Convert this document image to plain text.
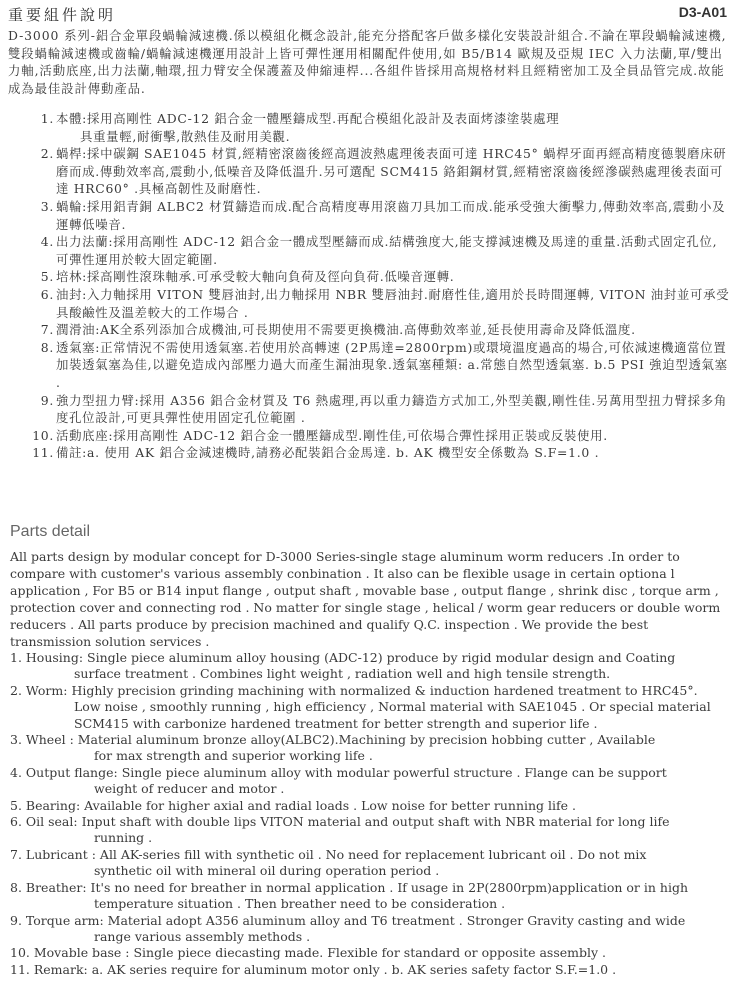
重要組件說明	D3-A01

D-3000 系列-鋁合金單段蝸輪減速機.係以模組化概念設計,能充分搭配客戶做多樣化安裝設計組合.不論在單段蝸輪減速機,雙段蝸輪減速機或齒輪/蝸輪減速機運用設計上皆可彈性運用相關配件使用,如 B5/B14 歐規及亞規 IEC 入力法蘭,單/雙出力軸,活動底座,出力法蘭,軸環,扭力臂安全保護蓋及伸縮連桿...各組件皆採用高規格材料且經精密加工及全員品管完成.故能成為最佳設計傳動產品.

1. 本體:採用高剛性 ADC-12 鋁合金一體壓鑄成型.再配合模組化設計及表面烤漆塗裝處理
具重量輕,耐衝擊,散熱佳及耐用美觀.
2. 蝸桿:採中碳鋼 SAE1045 材質,經精密滾齒後經高週波熱處理後表面可達 HRC45° 蝸桿牙面再經高精度德製磨床研磨而成.傳動效率高,震動小,低噪音及降低溫升.另可選配 SCM415 鉻鉬鋼材質,經精密滾齒後經滲碳熱處理後表面可達 HRC60° .具極高韌性及耐磨性.
3. 蝸輪:採用鋁青銅 ALBC2 材質鑄造而成.配合高精度專用滾齒刀具加工而成.能承受強大衝擊力,傳動效率高,震動小及運轉低噪音.
4. 出力法蘭:採用高剛性 ADC-12 鋁合金一體成型壓鑄而成.結構強度大,能支撐減速機及馬達的重量.活動式固定孔位,可彈性運用於較大固定範圍.
5. 培林:採高剛性滾珠軸承.可承受較大軸向負荷及徑向負荷.低噪音運轉.
6. 油封:入力軸採用 VITON 雙唇油封,出力軸採用 NBR 雙唇油封.耐磨性佳,適用於長時間運轉, VITON 油封並可承受具酸鹼性及溫差較大的工作場合 .
7. 潤滑油:AK全系列添加合成機油,可長期使用不需要更換機油.高傳動效率並,延長使用壽命及降低溫度.
8. 透氣塞:正常情況不需使用透氣塞.若使用於高轉速 (2P馬達=2800rpm)或環境溫度過高的場合,可依減速機適當位置加裝透氣塞為佳,以避免造成內部壓力過大而產生漏油現象.透氣塞種類: a.常態自然型透氣塞. b.5 PSI 強迫型透氣塞 .
9. 強力型扭力臂:採用 A356 鋁合金材質及 T6 熱處理,再以重力鑄造方式加工,外型美觀,剛性佳.另萬用型扭力臂採多角度孔位設計,可更具彈性使用固定孔位範圍 .
10. 活動底座:採用高剛性 ADC-12 鋁合金一體壓鑄成型.剛性佳,可依場合彈性採用正裝或反裝使用.
11. 備註:a. 使用 AK 鋁合金減速機時,請務必配裝鋁合金馬達. b. AK 機型安全係數為 S.F=1.0 .
Parts detail

All parts design by modular concept for D-3000 Series-single stage aluminum worm reducers .In order to compare with customer's various assembly conbination . It also can be flexible usage in certain optiona l application , For B5 or B14 input flange , output shaft , movable base , output flange , shrink disc , torque arm , protection cover and connecting rod . No matter for single stage , helical / worm gear reducers or double worm reducers . All parts produce by precision machined and qualify Q.C. inspection . We provide the best transmission solution services .

1. Housing: Single piece aluminum alloy housing (ADC-12) produce by rigid modular design and Coating
surface treatment . Combines light weight , radiation well and high tensile strength.
2. Worm: Highly precision grinding machining with normalized & induction hardened treatment to HRC45°.
Low noise , smoothly running , high efficiency , Normal material with SAE1045 . Or special material SCM415 with carbonize hardened treatment for better strength and superior life .
3. Wheel : Material aluminum bronze alloy(ALBC2).Machining by precision hobbing cutter , Available
for max strength and superior working life .
4. Output flange: Single piece aluminum alloy with modular powerful structure . Flange can be support
weight of reducer and motor .
5. Bearing: Available for higher axial and radial loads . Low noise for better running life .
6. Oil seal: Input shaft with double lips VITON material and output shaft with NBR material for long life
running .
7. Lubricant : All AK-series fill with synthetic oil . No need for replacement lubricant oil . Do not mix
synthetic oil with mineral oil during operation period .
8. Breather: It's no need for breather in normal application . If usage in 2P(2800rpm)application or in high
temperature situation . Then breather need to be consideration .
9. Torque arm: Material adopt A356 aluminum alloy and T6 treatment . Stronger Gravity casting and wide
range various assembly methods .
10. Movable base : Single piece diecasting made. Flexible for standard or opposite assembly .
11. Remark: a. AK series require for aluminum motor only . b. AK series safety factor S.F.=1.0 .
